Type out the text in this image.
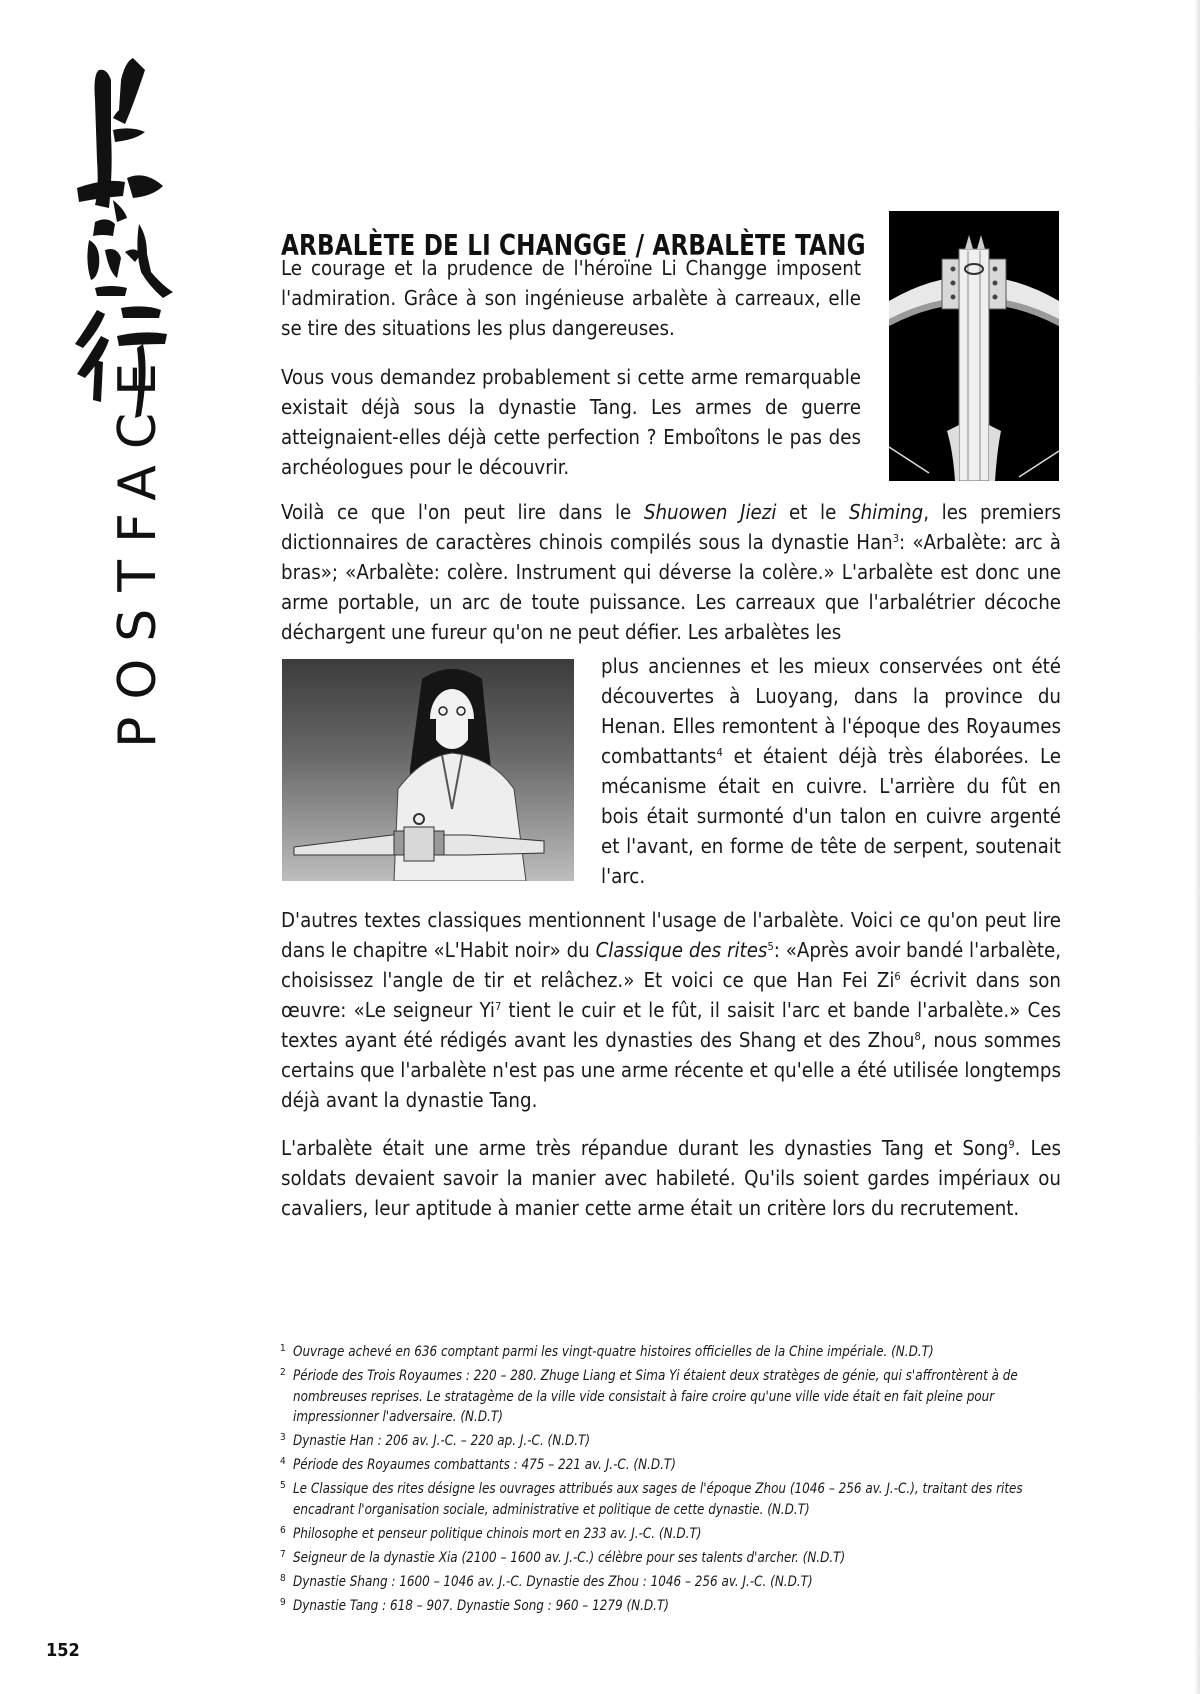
POSTFACE
ARBALÈTE DE LI CHANGGE / ARBALÈTE TANG

Le courage et la prudence de l'héroïne Li Changge imposent l'admiration. Grâce à son ingénieuse arbalète à carreaux, elle se tire des situations les plus dangereuses.

Vous vous demandez probablement si cette arme remarquable existait déjà sous la dynastie Tang. Les armes de guerre atteignaient-elles déjà cette perfection ? Emboîtons le pas des archéologues pour le découvrir.

Voilà ce que l'on peut lire dans le Shuowen Jiezi et le Shiming, les premiers dictionnaires de caractères chinois compilés sous la dynastie Han$^3$: «Arbalète: arc à bras»; «Arbalète: colère. Instrument qui déverse la colère.» L'arbalète est donc une arme portable, un arc de toute puissance. Les carreaux que l'arbalétrier décoche déchargent une fureur qu'on ne peut défier. Les arbalètes les

plus anciennes et les mieux conservées ont été découvertes à Luoyang, dans la province du Henan. Elles remontent à l'époque des Royaumes combattants$^4$ et étaient déjà très élaborées. Le mécanisme était en cuivre. L'arrière du fût en bois était surmonté d'un talon en cuivre argenté et l'avant, en forme de tête de serpent, soutenait l'arc.

D'autres textes classiques mentionnent l'usage de l'arbalète. Voici ce qu'on peut lire dans le chapitre «L'Habit noir» du Classique des rites$^5$: «Après avoir bandé l'arbalète, choisissez l'angle de tir et relâchez.» Et voici ce que Han Fei Zi$^6$ écrivit dans son œuvre: «Le seigneur Yi$^7$ tient le cuir et le fût, il saisit l'arc et bande l'arbalète.» Ces textes ayant été rédigés avant les dynasties des Shang et des Zhou$^8$, nous sommes certains que l'arbalète n'est pas une arme récente et qu'elle a été utilisée longtemps déjà avant la dynastie Tang.

L'arbalète était une arme très répandue durant les dynasties Tang et Song$^9$. Les soldats devaient savoir la manier avec habileté. Qu'ils soient gardes impériaux ou cavaliers, leur aptitude à manier cette arme était un critère lors du recrutement.

1 Ouvrage achevé en 636 comptant parmi les vingt-quatre histoires officielles de la Chine impériale. (N.D.T)
2 Période des Trois Royaumes : 220 – 280. Zhuge Liang et Sima Yi étaient deux stratèges de génie, qui s'affrontèrent à de nombreuses reprises. Le stratagème de la ville vide consistait à faire croire qu'une ville vide était en fait pleine pour impressionner l'adversaire. (N.D.T)
3 Dynastie Han : 206 av. J.-C. – 220 ap. J.-C. (N.D.T)
4 Période des Royaumes combattants : 475 – 221 av. J.-C. (N.D.T)
5 Le Classique des rites désigne les ouvrages attribués aux sages de l'époque Zhou (1046 – 256 av. J.-C.), traitant des rites encadrant l'organisation sociale, administrative et politique de cette dynastie. (N.D.T)
6 Philosophe et penseur politique chinois mort en 233 av. J.-C. (N.D.T)
7 Seigneur de la dynastie Xia (2100 – 1600 av. J.-C.) célèbre pour ses talents d'archer. (N.D.T)
8 Dynastie Shang : 1600 – 1046 av. J.-C. Dynastie des Zhou : 1046 – 256 av. J.-C. (N.D.T)
9 Dynastie Tang : 618 – 907. Dynastie Song : 960 – 1279 (N.D.T)
152
